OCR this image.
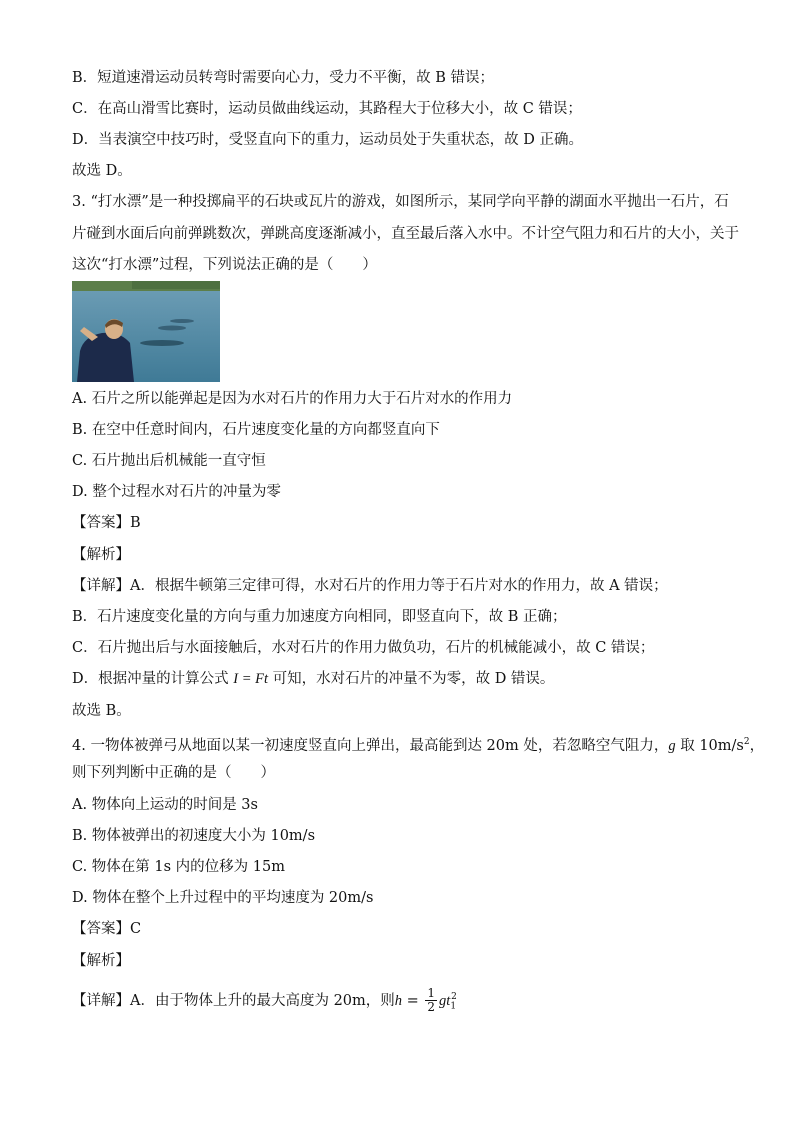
B．短道速滑运动员转弯时需要向心力，受力不平衡，故 B 错误；
C．在高山滑雪比赛时，运动员做曲线运动，其路程大于位移大小，故 C 错误；
D．当表演空中技巧时，受竖直向下的重力，运动员处于失重状态，故 D 正确。
故选 D。
3. “打水漂”是一种投掷扁平的石块或瓦片的游戏，如图所示，某同学向平静的湖面水平抛出一石片，石
片碰到水面后向前弹跳数次，弹跳高度逐渐减小，直至最后落入水中。不计空气阻力和石片的大小，关于
这次“打水漂”过程，下列说法正确的是（　　）
A. 石片之所以能弹起是因为水对石片的作用力大于石片对水的作用力
B. 在空中任意时间内，石片速度变化量的方向都竖直向下
C. 石片抛出后机械能一直守恒
D. 整个过程水对石片的冲量为零
【答案】B
【解析】
【详解】A．根据牛顿第三定律可得，水对石片的作用力等于石片对水的作用力，故 A 错误；
B．石片速度变化量的方向与重力加速度方向相同，即竖直向下，故 B 正确；
C．石片抛出后与水面接触后，水对石片的作用力做负功，石片的机械能减小，故 C 错误；
D．根据冲量的计算公式 I = Ft 可知，水对石片的冲量不为零，故 D 错误。
故选 B。
4. 一物体被弹弓从地面以某一初速度竖直向上弹出，最高能到达 20m 处，若忽略空气阻力，g 取 $10m/s^2$，
则下列判断中正确的是（　　）
A. 物体向上运动的时间是 3s
B. 物体被弹出的初速度大小为 10m/s
C. 物体在第 1s 内的位移为 15m
D. 物体在整个上升过程中的平均速度为 20m/s
【答案】C
【解析】
【详解】A．由于物体上升的最大高度为 20m，则$h = \frac{1}{2} gt_1^2$
